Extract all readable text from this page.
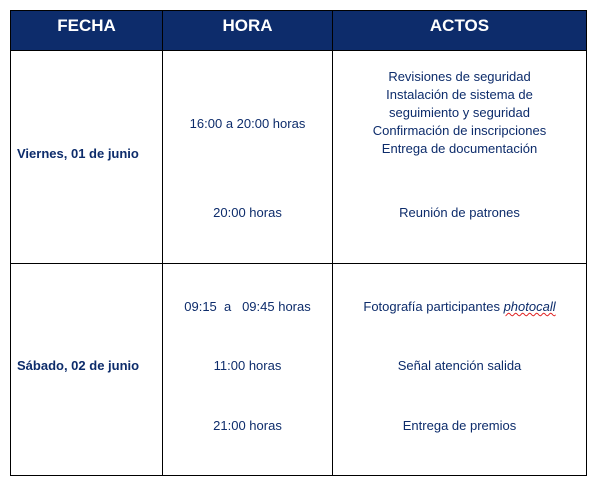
FECHA	HORA	ACTOS
Viernes, 01 de junio
16:00 a 20:00 horas
20:00 horas
Revisiones de seguridad
Instalación de sistema de
seguimiento y seguridad
Confirmación de inscripciones
Entrega de documentación
Reunión de patrones
Sábado, 02 de junio
09:15  a   09:45 horas
11:00 horas
21:00 horas
Fotografía participantes photocall
Señal atención salida
Entrega de premios
